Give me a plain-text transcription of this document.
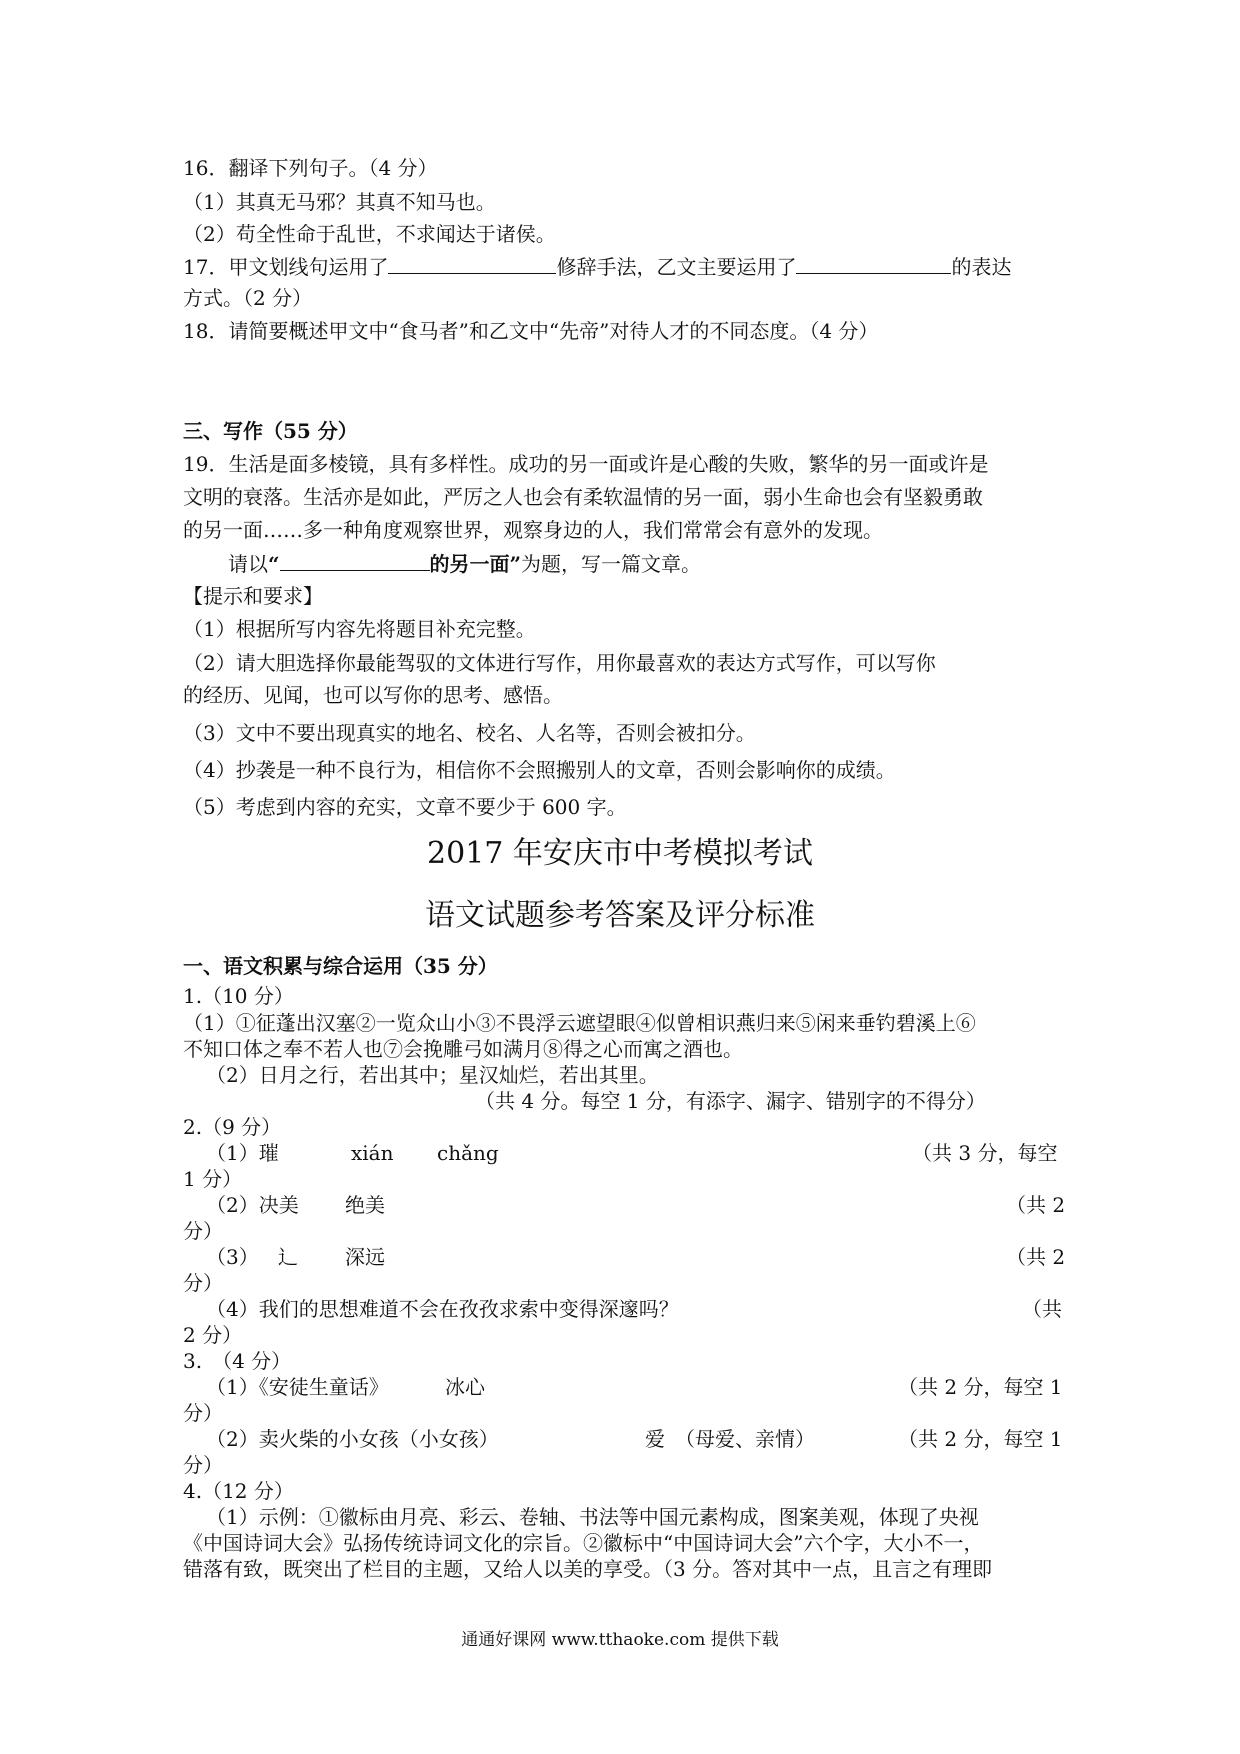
16．翻译下列句子。（4 分）
（1）其真无马邪？其真不知马也。
（2）苟全性命于乱世，不求闻达于诸侯。
17．甲文划线句运用了	修辞手法，乙文主要运用了	的表达
方式。（2 分）
18．请简要概述甲文中“食马者”和乙文中“先帝”对待人才的不同态度。（4 分）
三、写作（55 分）
19．生活是面多棱镜，具有多样性。成功的另一面或许是心酸的失败，繁华的另一面或许是
文明的衰落。生活亦是如此，严厉之人也会有柔软温情的另一面，弱小生命也会有坚毅勇敢
的另一面……多一种角度观察世界，观察身边的人，我们常常会有意外的发现。
请以“	的另一面”为题，写一篇文章。
【提示和要求】
（1）根据所写内容先将题目补充完整。
（2）请大胆选择你最能驾驭的文体进行写作，用你最喜欢的表达方式写作，可以写你
的经历、见闻，也可以写你的思考、感悟。
（3）文中不要出现真实的地名、校名、人名等，否则会被扣分。
（4）抄袭是一种不良行为，相信你不会照搬别人的文章，否则会影响你的成绩。
（5）考虑到内容的充实，文章不要少于 600 字。
2017 年安庆市中考模拟考试
语文试题参考答案及评分标准
一、语文积累与综合运用（35 分）
1.（10 分）
（1）①征蓬出汉塞②一览众山小③不畏浮云遮望眼④似曾相识燕归来⑤闲来垂钓碧溪上⑥
不知口体之奉不若人也⑦会挽雕弓如满月⑧得之心而寓之酒也。
（2）日月之行，若出其中；星汉灿烂，若出其里。
（共 4 分。每空 1 分，有添字、漏字、错别字的不得分）
2.（9 分）
（1）璀	xián chǎng	（共 3 分，每空
1 分）
（2）决美 绝美	（共 2
分）
（3） 辶 深远	（共 2
分）
（4）我们的思想难道不会在孜孜求索中变得深邃吗？	（共
2 分）
3.　（4 分）
（1）《安徒生童话》	冰心	（共 2 分，每空 1
分）
（2）卖火柴的小女孩（小女孩）	爱　（母爱、亲情）	（共 2 分，每空 1
分）
4.（12 分）
（1）示例：①徽标由月亮、彩云、卷轴、书法等中国元素构成，图案美观，体现了央视
《中国诗词大会》弘扬传统诗词文化的宗旨。②徽标中“中国诗词大会”六个字，大小不一，
错落有致，既突出了栏目的主题，又给人以美的享受。（3 分。答对其中一点，且言之有理即
通通好课网 www.tthaoke.com 提供下载
